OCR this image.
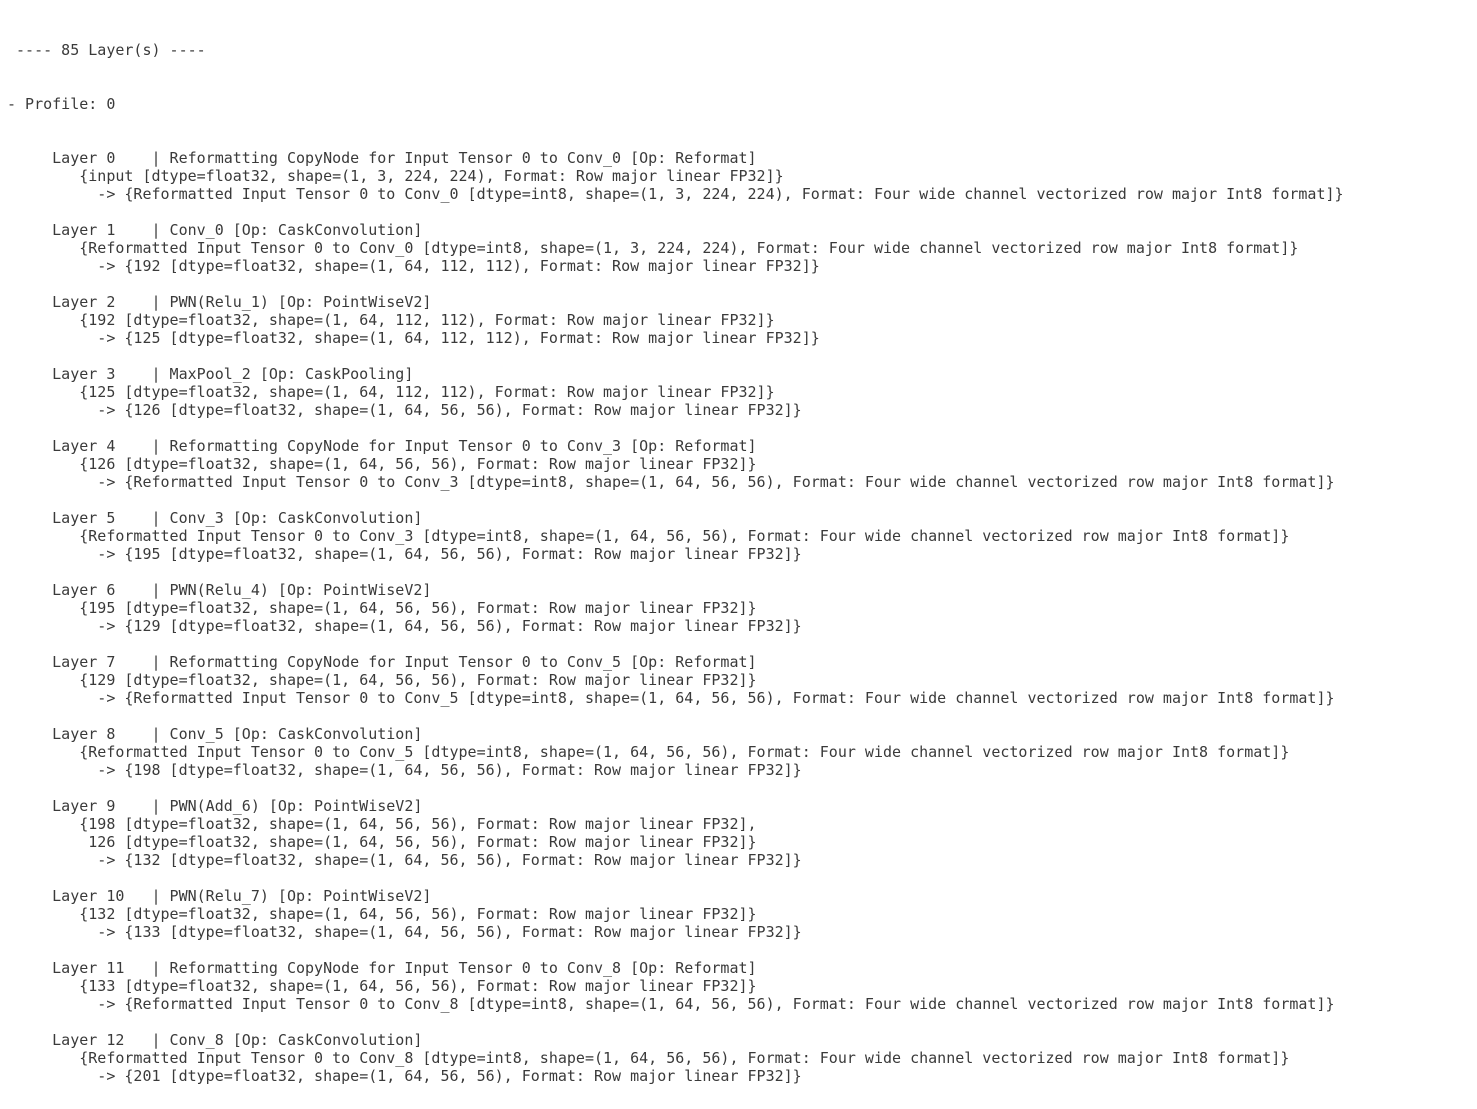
---- 85 Layer(s) ----

- Profile: 0

Layer 0    | Reformatting CopyNode for Input Tensor 0 to Conv_0 [Op: Reformat]
{input [dtype=float32, shape=(1, 3, 224, 224), Format: Row major linear FP32]}
-> {Reformatted Input Tensor 0 to Conv_0 [dtype=int8, shape=(1, 3, 224, 224), Format: Four wide channel vectorized row major Int8 format]}
Layer 1    | Conv_0 [Op: CaskConvolution]
{Reformatted Input Tensor 0 to Conv_0 [dtype=int8, shape=(1, 3, 224, 224), Format: Four wide channel vectorized row major Int8 format]}
-> {192 [dtype=float32, shape=(1, 64, 112, 112), Format: Row major linear FP32]}
Layer 2    | PWN(Relu_1) [Op: PointWiseV2]
{192 [dtype=float32, shape=(1, 64, 112, 112), Format: Row major linear FP32]}
-> {125 [dtype=float32, shape=(1, 64, 112, 112), Format: Row major linear FP32]}
Layer 3    | MaxPool_2 [Op: CaskPooling]
{125 [dtype=float32, shape=(1, 64, 112, 112), Format: Row major linear FP32]}
-> {126 [dtype=float32, shape=(1, 64, 56, 56), Format: Row major linear FP32]}
Layer 4    | Reformatting CopyNode for Input Tensor 0 to Conv_3 [Op: Reformat]
{126 [dtype=float32, shape=(1, 64, 56, 56), Format: Row major linear FP32]}
-> {Reformatted Input Tensor 0 to Conv_3 [dtype=int8, shape=(1, 64, 56, 56), Format: Four wide channel vectorized row major Int8 format]}
Layer 5    | Conv_3 [Op: CaskConvolution]
{Reformatted Input Tensor 0 to Conv_3 [dtype=int8, shape=(1, 64, 56, 56), Format: Four wide channel vectorized row major Int8 format]}
-> {195 [dtype=float32, shape=(1, 64, 56, 56), Format: Row major linear FP32]}
Layer 6    | PWN(Relu_4) [Op: PointWiseV2]
{195 [dtype=float32, shape=(1, 64, 56, 56), Format: Row major linear FP32]}
-> {129 [dtype=float32, shape=(1, 64, 56, 56), Format: Row major linear FP32]}
Layer 7    | Reformatting CopyNode for Input Tensor 0 to Conv_5 [Op: Reformat]
{129 [dtype=float32, shape=(1, 64, 56, 56), Format: Row major linear FP32]}
-> {Reformatted Input Tensor 0 to Conv_5 [dtype=int8, shape=(1, 64, 56, 56), Format: Four wide channel vectorized row major Int8 format]}
Layer 8    | Conv_5 [Op: CaskConvolution]
{Reformatted Input Tensor 0 to Conv_5 [dtype=int8, shape=(1, 64, 56, 56), Format: Four wide channel vectorized row major Int8 format]}
-> {198 [dtype=float32, shape=(1, 64, 56, 56), Format: Row major linear FP32]}
Layer 9    | PWN(Add_6) [Op: PointWiseV2]
{198 [dtype=float32, shape=(1, 64, 56, 56), Format: Row major linear FP32],
126 [dtype=float32, shape=(1, 64, 56, 56), Format: Row major linear FP32]}
-> {132 [dtype=float32, shape=(1, 64, 56, 56), Format: Row major linear FP32]}
Layer 10   | PWN(Relu_7) [Op: PointWiseV2]
{132 [dtype=float32, shape=(1, 64, 56, 56), Format: Row major linear FP32]}
-> {133 [dtype=float32, shape=(1, 64, 56, 56), Format: Row major linear FP32]}
Layer 11   | Reformatting CopyNode for Input Tensor 0 to Conv_8 [Op: Reformat]
{133 [dtype=float32, shape=(1, 64, 56, 56), Format: Row major linear FP32]}
-> {Reformatted Input Tensor 0 to Conv_8 [dtype=int8, shape=(1, 64, 56, 56), Format: Four wide channel vectorized row major Int8 format]}
Layer 12   | Conv_8 [Op: CaskConvolution]
{Reformatted Input Tensor 0 to Conv_8 [dtype=int8, shape=(1, 64, 56, 56), Format: Four wide channel vectorized row major Int8 format]}
-> {201 [dtype=float32, shape=(1, 64, 56, 56), Format: Row major linear FP32]}
